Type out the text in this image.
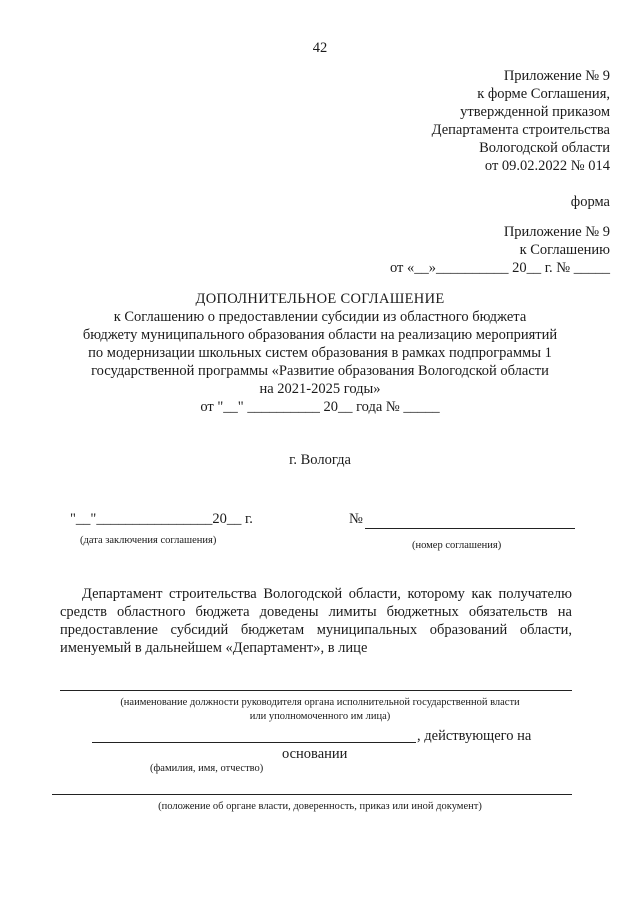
42
Приложение № 9
к форме Соглашения,
утвержденной приказом
Департамента строительства
Вологодской области
от 09.02.2022 № 014
форма
Приложение № 9
к Соглашению
от «__»__________ 20__ г. № _____
ДОПОЛНИТЕЛЬНОЕ СОГЛАШЕНИЕ
к Соглашению о предоставлении субсидии из областного бюджета
бюджету муниципального образования области на реализацию мероприятий
по модернизации школьных систем образования в рамках подпрограммы 1
государственной программы «Развитие образования Вологодской области
на 2021-2025 годы»
от "__" __________ 20__ года № _____
г. Вологда
"__"________________20__ г.
(дата заключения соглашения)
№
(номер соглашения)
Департамент строительства Вологодской области, которому как получателю средств областного бюджета доведены лимиты бюджетных обязательств на предоставление субсидий бюджетам муниципальных образований области, именуемый в дальнейшем «Департамент», в лице
(наименование должности руководителя органа исполнительной государственной власти
или уполномоченного им лица)
, действующего на
основании
(фамилия, имя, отчество)
(положение об органе власти, доверенность, приказ или иной документ)
